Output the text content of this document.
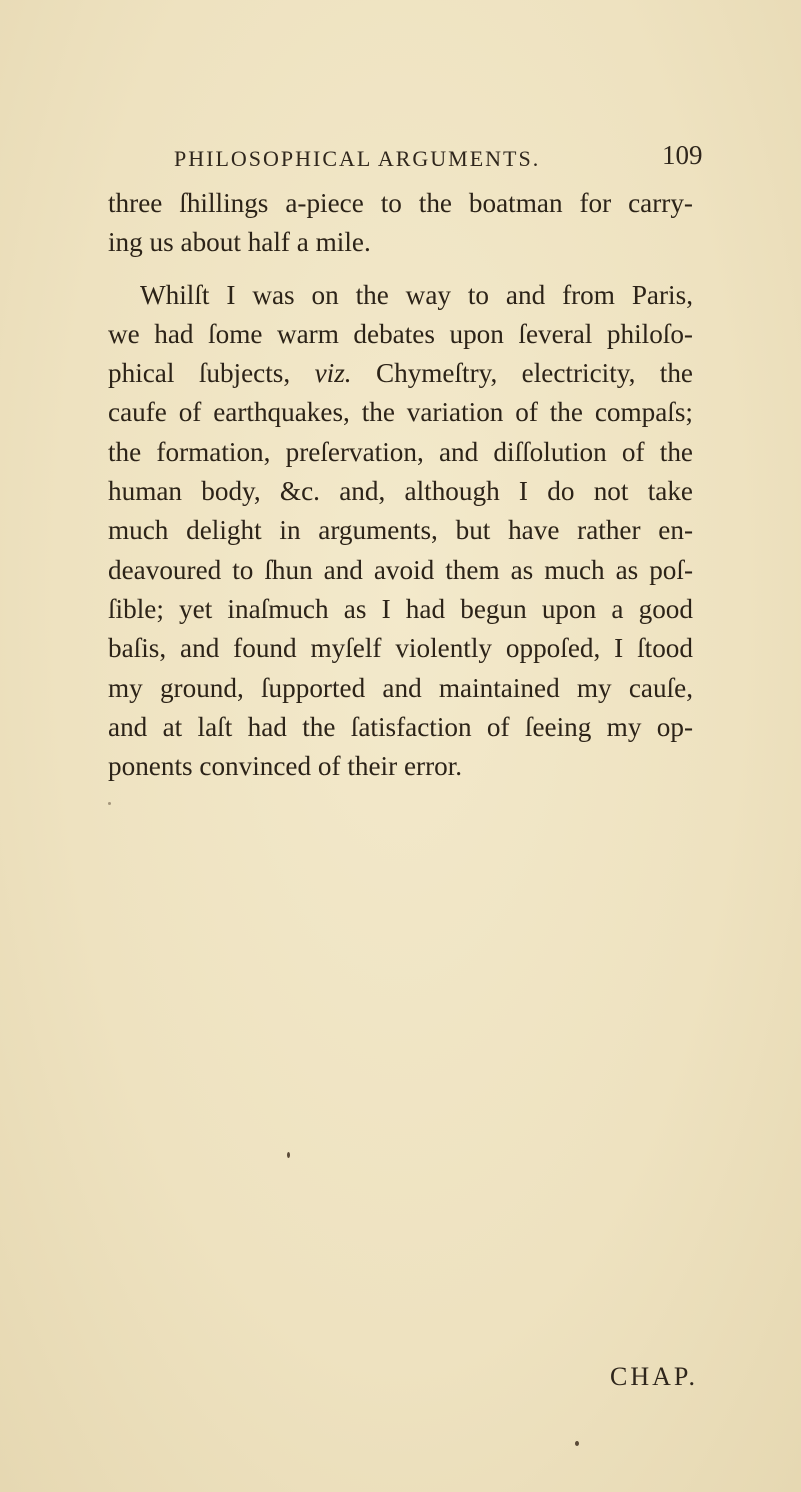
PHILOSOPHICAL ARGUMENTS.	109
three ſhillings a-piece to the boatman for carry-
ing us about half a mile.
Whilſt I was on the way to and from Paris,
we had ſome warm debates upon ſeveral philoſo-
phical ſubjects, viz. Chymeſtry, electricity, the
caufe of earthquakes, the variation of the compaſs;
the formation, preſervation, and diſſolution of the
human body, &c. and, although I do not take
much delight in arguments, but have rather en-
deavoured to ſhun and avoid them as much as poſ-
ſible; yet inaſmuch as I had begun upon a good
baſis, and found myſelf violently oppoſed, I ſtood
my ground, ſupported and maintained my cauſe,
and at laſt had the ſatisfaction of ſeeing my op-
ponents convinced of their error.
CHAP.
